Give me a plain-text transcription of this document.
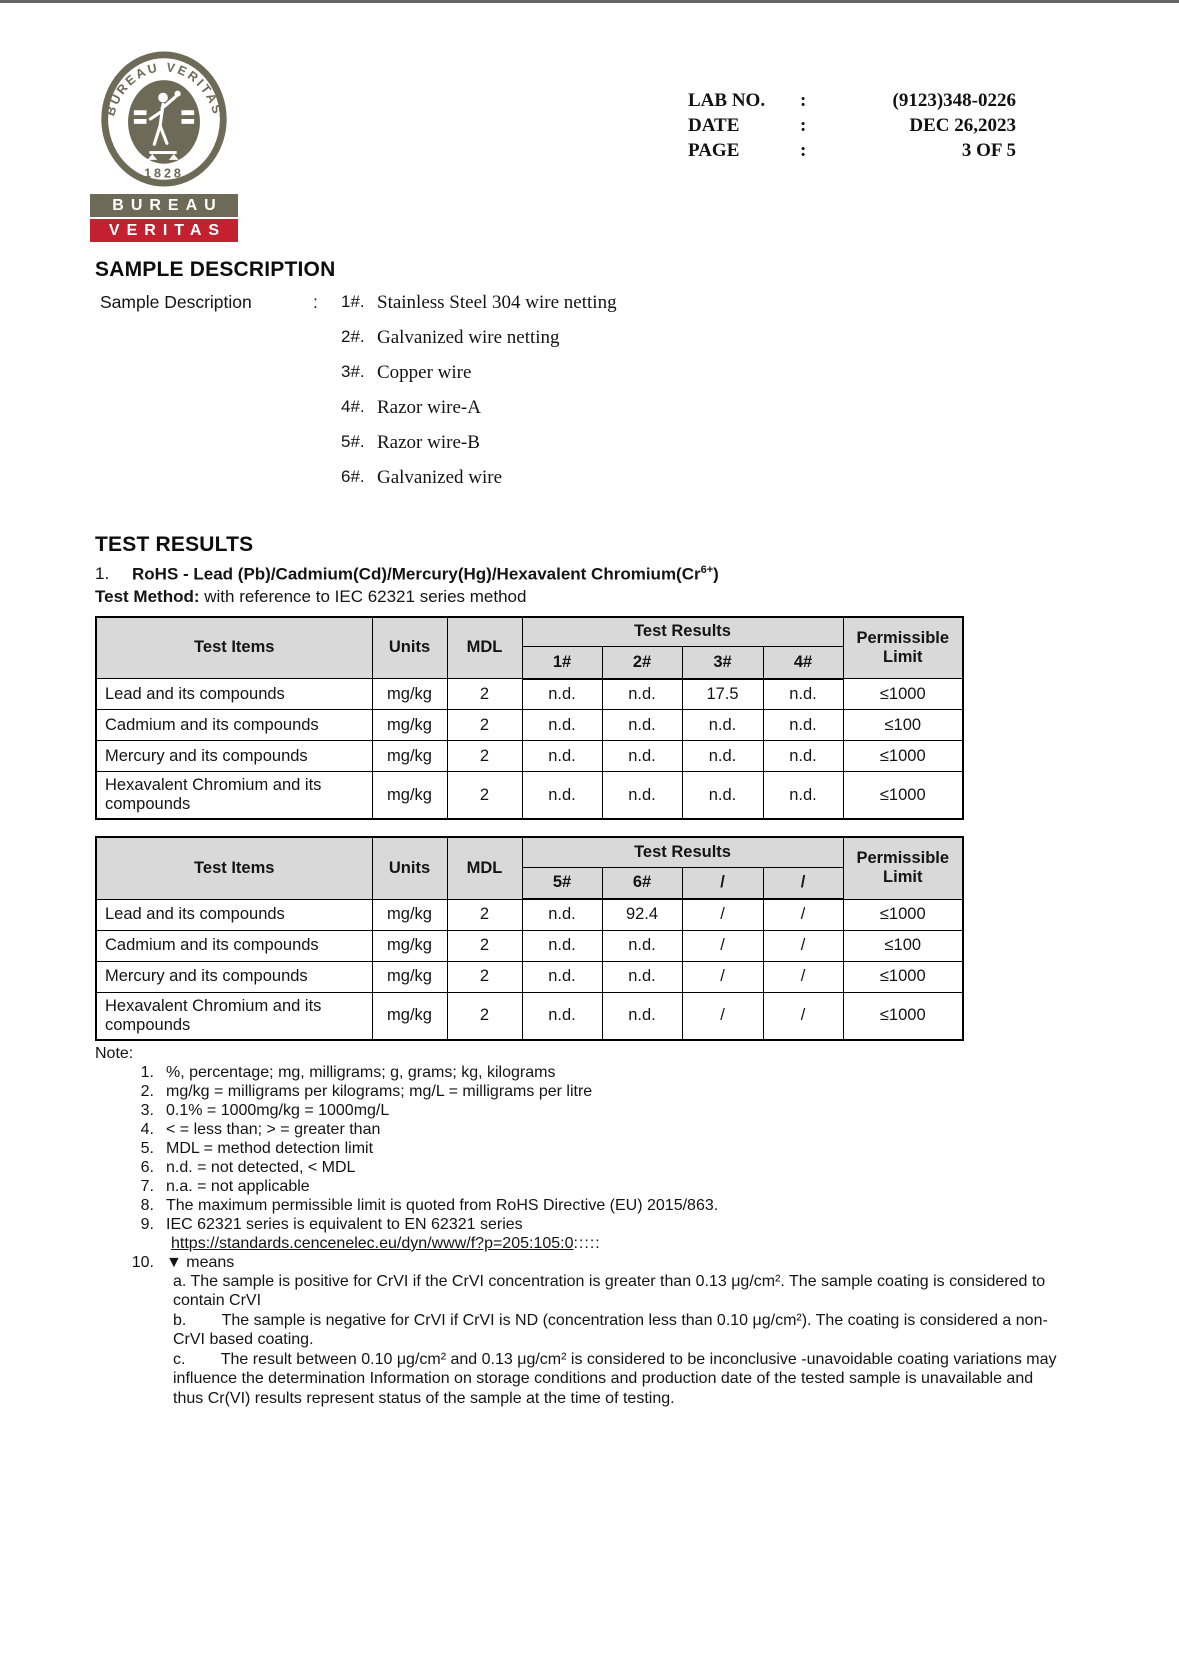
BUREAU VERITAS
1828
BUREAU
VERITAS
LAB NO.	:	(9123)348-0226
DATE	:	DEC 26,2023
PAGE	:	3 OF 5
SAMPLE DESCRIPTION
Sample Description	:	1#. Stainless Steel 304 wire netting
2#. Galvanized wire netting
3#. Copper wire
4#. Razor wire-A
5#. Razor wire-B
6#. Galvanized wire
TEST RESULTS
1.	RoHS - Lead (Pb)/Cadmium(Cd)/Mercury(Hg)/Hexavalent $Chromium(Cr^{6+})$
Test Method: with reference to IEC 62321 series method
Test Items	Units	MDL	Test Results				Permissible Limit
			1#	2#	3#	4#	
Lead and its compounds	mg/kg	2	n.d.	n.d.	17.5	n.d.	≤1000
Cadmium and its compounds	mg/kg	2	n.d.	n.d.	n.d.	n.d.	≤100
Mercury and its compounds	mg/kg	2	n.d.	n.d.	n.d.	n.d.	≤1000
Hexavalent Chromium and its compounds	mg/kg	2	n.d.	n.d.	n.d.	n.d.	≤1000
Test Items	Units	MDL	Test Results				Permissible Limit
			5#	6#	/	/	
Lead and its compounds	mg/kg	2	n.d.	92.4	/	/	≤1000
Cadmium and its compounds	mg/kg	2	n.d.	n.d.	/	/	≤100
Mercury and its compounds	mg/kg	2	n.d.	n.d.	/	/	≤1000
Hexavalent Chromium and its compounds	mg/kg	2	n.d.	n.d.	/	/	≤1000
Note:
1. %, percentage; mg, milligrams; g, grams; kg, kilograms
2. mg/kg = milligrams per kilograms; mg/L = milligrams per litre
3. 0.1% = 1000mg/kg = 1000mg/L
4. < = less than; > = greater than
5. MDL = method detection limit
6. n.d. = not detected, < MDL
7. n.a. = not applicable
8. The maximum permissible limit is quoted from RoHS Directive (EU) 2015/863.
9. IEC 62321 series is equivalent to EN 62321 series
https://standards.cencenelec.eu/dyn/www/f?p=205:105:0:::::
10. ▼ means
a. The sample is positive for CrVI if the CrVI concentration is greater than 0.13 μg/cm². The sample coating is considered to contain CrVI
b.        The sample is negative for CrVI if CrVI is ND (concentration less than 0.10 μg/cm²). The coating is considered a non-CrVI based coating.
c.        The result between 0.10 μg/cm² and 0.13 μg/cm² is considered to be inconclusive -unavoidable coating variations may influence the determination Information on storage conditions and production date of the tested sample is unavailable and thus Cr(VI) results represent status of the sample at the time of testing.
